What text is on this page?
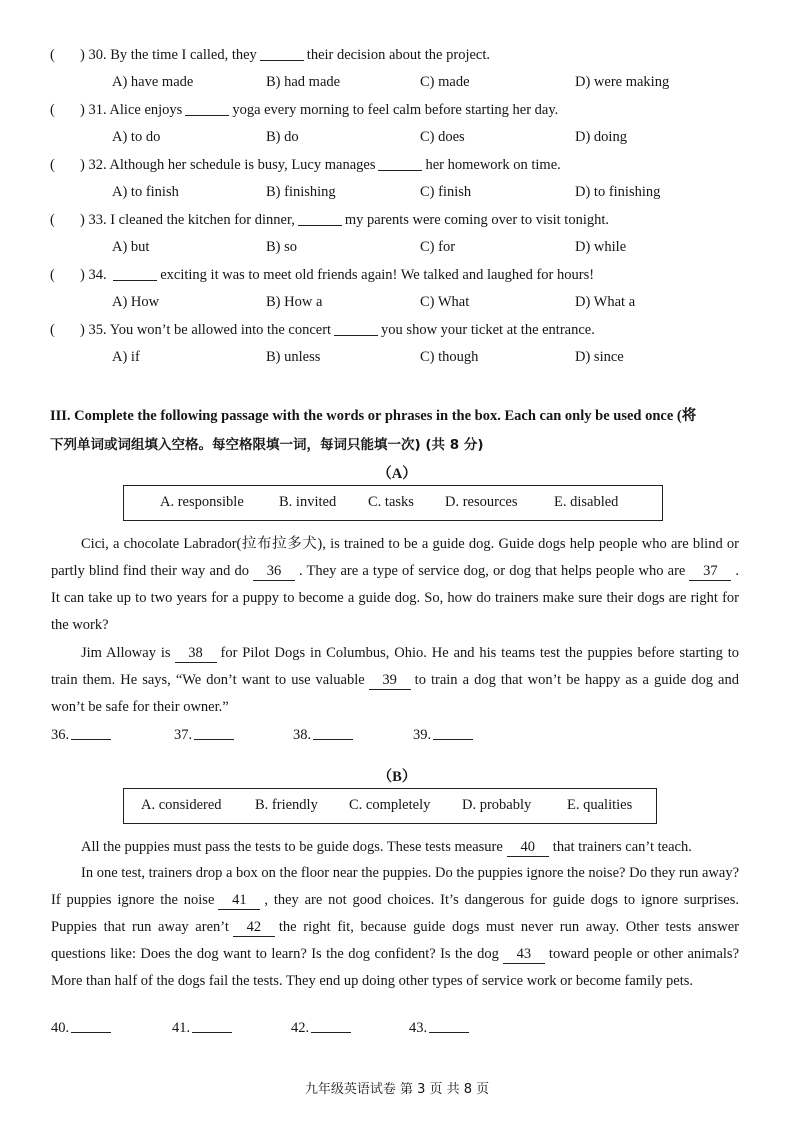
( ) 30. By the time I called, they	their decision about the project.
A) have made	B) had made	C) made	D) were making
( ) 31. Alice enjoys	yoga every morning to feel calm before starting her day.
A) to do	B) do	C) does	D) doing
( ) 32. Although her schedule is busy, Lucy manages	her homework on time.
A) to finish	B) finishing	C) finish	D) to finishing
( ) 33. I cleaned the kitchen for dinner,	my parents were coming over to visit tonight.
A) but	B) so	C) for	D) while
( ) 34.	exciting it was to meet old friends again! We talked and laughed for hours!
A) How	B) How a	C) What	D) What a
( ) 35. You won’t be allowed into the concert	you show your ticket at the entrance.
A) if	B) unless	C) though	D) since
III. Complete the following passage with the words or phrases in the box. Each can only be used once (将
下列单词或词组填入空格。每空格限填一词，每词只能填一次) (共 8 分)
（A）
A. responsible B. invited C. tasks D. resources	E. disabled
Cici, a chocolate Labrador(拉布拉多犬), is trained to be a guide dog. Guide dogs help people who are blind or partly blind find their way and do 36 . They are a type of service dog, or dog that helps people who are 37 . It can take up to two years for a puppy to become a guide dog. So, how do trainers make sure their dogs are right for the work?
Jim Alloway is 38 for Pilot Dogs in Columbus, Ohio. He and his teams test the puppies before starting to train them. He says, “We don’t want to use valuable 39 to train a dog that won’t be happy as a guide dog and won’t be safe for their owner.”
36.	37.	38.	39.
（B）
A. considered B. friendly C. completely D. probably E. qualities
All the puppies must pass the tests to be guide dogs. These tests measure 40 that trainers can’t teach.
In one test, trainers drop a box on the floor near the puppies. Do the puppies ignore the noise? Do they run away? If puppies ignore the noise 41 , they are not good choices. It’s dangerous for guide dogs to ignore surprises. Puppies that run away aren’t 42 the right fit, because guide dogs must never run away. Other tests answer questions like: Does the dog want to learn? Is the dog confident? Is the dog 43 toward people or other animals? More than half of the dogs fail the tests. They end up doing other types of service work or become family pets.
40.	41.	42.	43.
九年级英语试卷 第 3 页 共 8 页
